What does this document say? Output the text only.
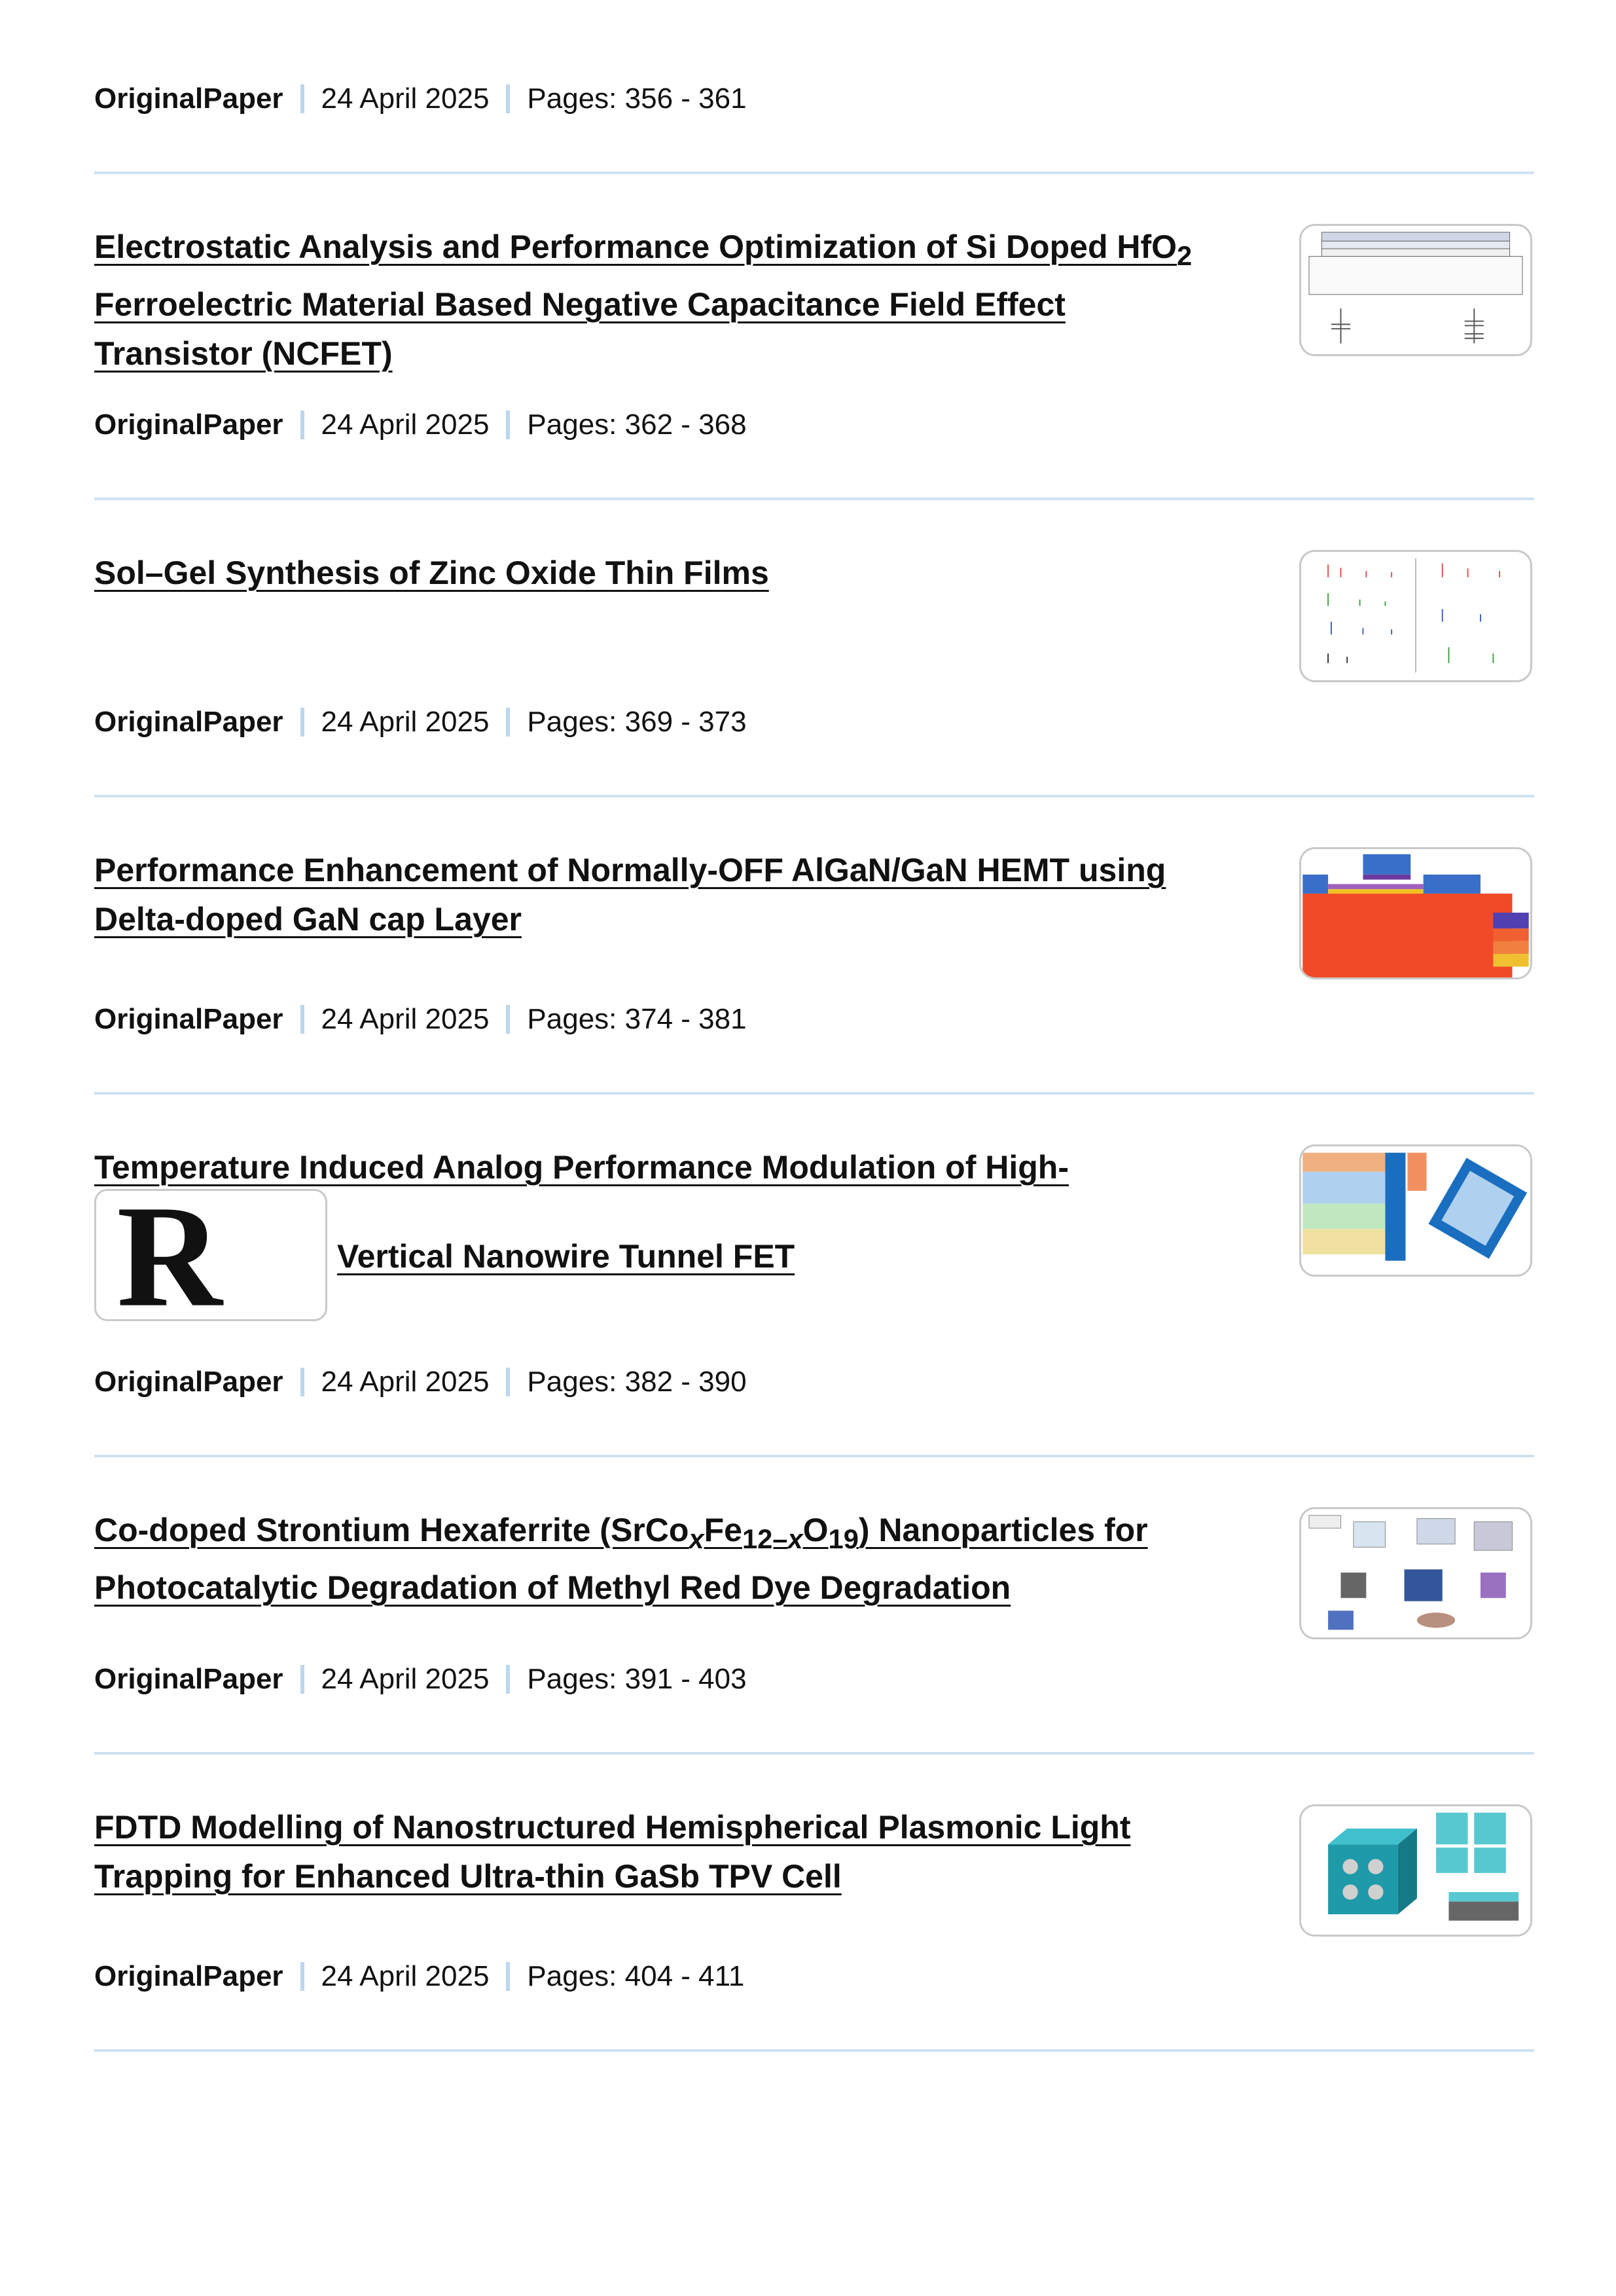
OriginalPaper 24 April 2025 Pages: 356 - 361
Electrostatic Analysis and Performance Optimization of Si Doped HfO$_2$ Ferroelectric Material Based Negative Capacitance Field Effect Transistor (NCFET)
OriginalPaper 24 April 2025 Pages: 362 - 368
Sol–Gel Synthesis of Zinc Oxide Thin Films
OriginalPaper 24 April 2025 Pages: 369 - 373
Performance Enhancement of Normally-OFF AlGaN/GaN HEMT using
Delta-doped GaN cap Layer
OriginalPaper 24 April 2025 Pages: 374 - 381
Temperature Induced Analog Performance Modulation of High-
R	Vertical Nanowire Tunnel FET
OriginalPaper 24 April 2025 Pages: 382 - 390
Co-doped Strontium Hexaferrite $(SrCo_xFe_{12-x}O_{19})$ Nanoparticles for Photocatalytic Degradation of Methyl Red Dye Degradation
OriginalPaper 24 April 2025 Pages: 391 - 403
FDTD Modelling of Nanostructured Hemispherical Plasmonic Light
Trapping for Enhanced Ultra-thin GaSb TPV Cell
OriginalPaper 24 April 2025 Pages: 404 - 411
